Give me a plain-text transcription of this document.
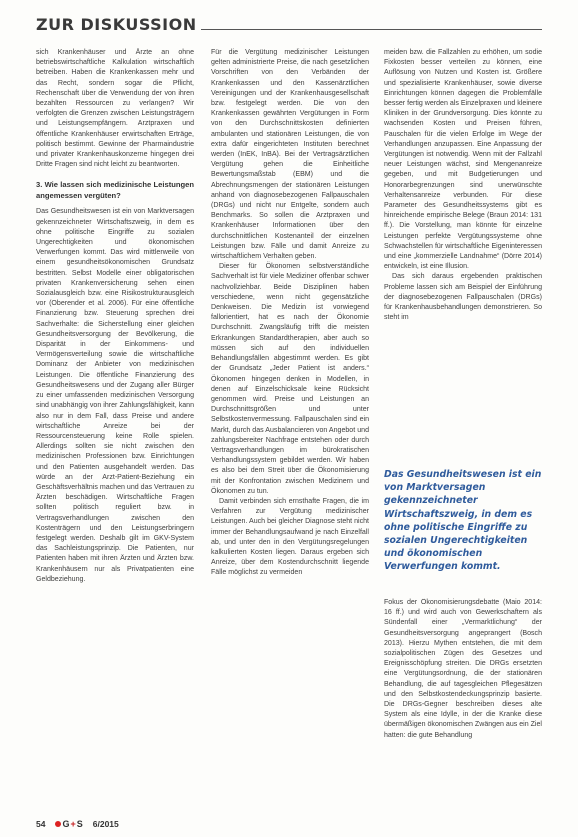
ZUR DISKUSSION

sich Krankenhäuser und Ärzte an ohne betriebswirtschaftliche Kalkulation wirtschaftlich betreiben. Haben die Krankenkassen mehr und das Recht, sondern sogar die Pflicht, Rechenschaft über die Verwendung der von ihren bezahlten Ressourcen zu verlangen? Wir verfolgten die Grenzen zwischen Leistungsträgern und Leistungsempfängern. Arztpraxen und öffentliche Krankenhäuser erwirtschaften Erträge, politisch bestimmt. Gewinne der Pharmaindustrie und privater Krankenhauskonzerne hingegen drei Dritte Fragen sind nicht leicht zu beantworten.

3. Wie lassen sich medizinische Leistungen angemessen vergüten?

Das Gesundheitswesen ist ein von Marktversagen gekennzeichneter Wirtschaftszweig, in dem es ohne politische Eingriffe zu sozialen Ungerechtigkeiten und ökonomischen Verwerfungen kommt. Das wird mittlerweile von einem gesundheitsökonomischen Grundsatz bestritten. Selbst Modelle einer obligatorischen privaten Krankenversicherung sehen einen Sozialausgleich bzw. eine Risikostrukturausgleich vor (Oberender et al. 2006). Für eine öffentliche Finanzierung bzw. Steuerung sprechen drei Sachverhalte: die Sicherstellung einer gleichen Gesundheitsversorgung der Bevölkerung, die Disparität in der Einkommens- und Vermögensverteilung sowie die wirtschaftliche Dominanz der Anbieter von medizinischen Leistungen. Die öffentliche Finanzierung des Gesundheitswesens und der Zugang aller Bürger zu einer umfassenden medizinischen Versorgung sind unabhängig von ihrer Zahlungsfähigkeit, kann also nur in dem Fall, dass Preise und andere wirtschaftliche Anreize bei der Ressourcensteuerung keine Rolle spielen. Allerdings sollten sie nicht zwischen den medizinischen Professionen bzw. Einrichtungen und den Patienten ausgehandelt werden. Das würde an der Arzt-Patient-Beziehung ein Geschäftsverhältnis machen und das Vertrauen zu Ärzten beschädigen. Wirtschaftliche Fragen sollten politisch reguliert bzw. in Vertragsverhandlungen zwischen den Kostenträgern und den Leistungserbringern festgelegt werden. Deshalb gilt im GKV-System das Sachleistungsprinzip. Die Patienten, nur Patienten haben mit ihren Ärzten und Ärzten bzw. Krankenhäusern nur als Privatpatienten eine Geldbeziehung.

Für die Vergütung medizinischer Leistungen gelten administrierte Preise, die nach gesetzlichen Vorschriften von den Verbänden der Krankenkassen und den Kassenärztlichen Vereinigungen und der Krankenhausgesellschaft bzw. festgelegt werden. Die von den Krankenkassen gewährten Vergütungen in Form von den Durchschnittskosten definierten ambulanten und stationären Leistungen, die von extra dafür eingerichteten Instituten berechnet werden (InEK, InBA). Bei der Vertragsärztlichen Vergütung gehen die Einheitliche Bewertungsmaßstab (EBM) und die Abrechnungsmengen der stationären Leistungen anhand von diagnosebezogenen Fallpauschalen (DRGs) und nicht nur Entgelte, sondern auch Benchmarks. So sollen die Arztpraxen und Krankenhäuser Informationen über den durchschnittlichen Kostenanteil der einzelnen Leistungen bzw. Fälle und damit Anreize zu wirtschaftlichem Verhalten geben.

Dieser für Ökonomen selbstverständliche Sachverhalt ist für viele Mediziner offenbar schwer nachvollziehbar. Beide Disziplinen haben verschiedene, wenn nicht gegensätzliche Denkweisen. Die Medizin ist vorwiegend fallorientiert, hat es nach der Ökonomie Durchschnitt. Zwangsläufig trifft die meisten Erkrankungen Standardtherapien, aber auch so müssen sich auf den individuellen Behandlungsfällen abgestimmt werden. Es gibt der Grundsatz „Jeder Patient ist anders.“ Ökonomen hingegen denken in Modellen, in denen auf Einzelschicksale keine Rücksicht genommen wird. Preise und Leistungen an Durchschnittsgrößen und unter Selbstkostenvermessung. Fallpauschalen sind ein Markt, durch das Ausbalancieren von Angebot und zahlungsbereiter Nachfrage entstehen oder durch Vertragsverhandlungen im bürokratischen Verhandlungssystem gebildet werden. Wir haben es also bei dem Streit über die Ökonomisierung mit der Konfrontation zwischen Medizinern und Ökonomen zu tun.

Damit verbinden sich ernsthafte Fragen, die im Verfahren zur Vergütung medizinischer Leistungen. Auch bei gleicher Diagnose steht nicht immer der Behandlungsaufwand je nach Einzelfall ab, und unter den in den Vergütungsregelungen kalkulierten Kosten liegen. Daraus ergeben sich Anreize, über dem Kostendurchschnitt liegende Fälle möglichst zu vermeiden

meiden bzw. die Fallzahlen zu erhöhen, um sodie Fixkosten besser verteilen zu können, eine Auflösung von Nutzen und Kosten ist. Größere und spezialisierte Krankenhäuser, sowie diverse Einrichtungen können dagegen die Problemfälle besser fertig werden als Einzelpraxen und kleinere Kliniken in der Grundversorgung. Dies könnte zu wachsenden Kosten und Preisen führen, Pauschalen für die vielen Erfolge im Wege der Verhandlungen anzupassen. Eine Anpassung der Vergütungen ist notwendig. Wenn mit der Fallzahl neuer Leistungen wächst, sind Mengenanreize gegeben, und mit Budgetierungen und Honorarbegrenzungen sind unerwünschte Verhaltensanreize verbunden. Für diese Parameter des Gesundheitssystems gibt es hinreichende empirische Belege (Braun 2014: 131 ff.). Die Vorstellung, man könnte für einzelne Leistungen perfekte Vergütungssysteme ohne Schwachstellen für wirtschaftliche Eigeninteressen und eine „kommerzielle Landnahme“ (Dörre 2014) entwickeln, ist eine Illusion.

Das sich daraus ergebenden praktischen Probleme lassen sich am Beispiel der Einführung der diagnosebezogenen Fallpauschalen (DRGs) für Krankenhausbehandlungen demonstrieren. So steht im

Das Gesundheitswesen ist ein von Marktversagen gekennzeichneter Wirtschaftszweig, in dem es ohne politische Eingriffe zu sozialen Ungerechtigkeiten und ökonomischen Verwerfungen kommt.

Fokus der Ökonomisierungsdebatte (Maio 2014: 16 ff.) und wird auch von Gewerkschaftern als Sündenfall einer „Vermarktlichung“ der Gesundheitsversorgung angeprangert (Bosch 2013). Hierzu Mythen entstehen, die mit dem sozialpolitischen Zügen des Gesetzes und Ereignisschöpfung streiten. Die DRGs ersetzten eine Vergütungsordnung, die der stationären Behandlung, die auf tagesgleichen Pflegesätzen und den Selbstkostendeckungsprinzip basierte. Die DRGs-Gegner beschreiben dieses alte System als eine Idylle, in der die Kranke diese übermäßigen ökonomischen Zwängen aus ein Ziel hatten: die gute Behandlung

54 G + S 6/2015
